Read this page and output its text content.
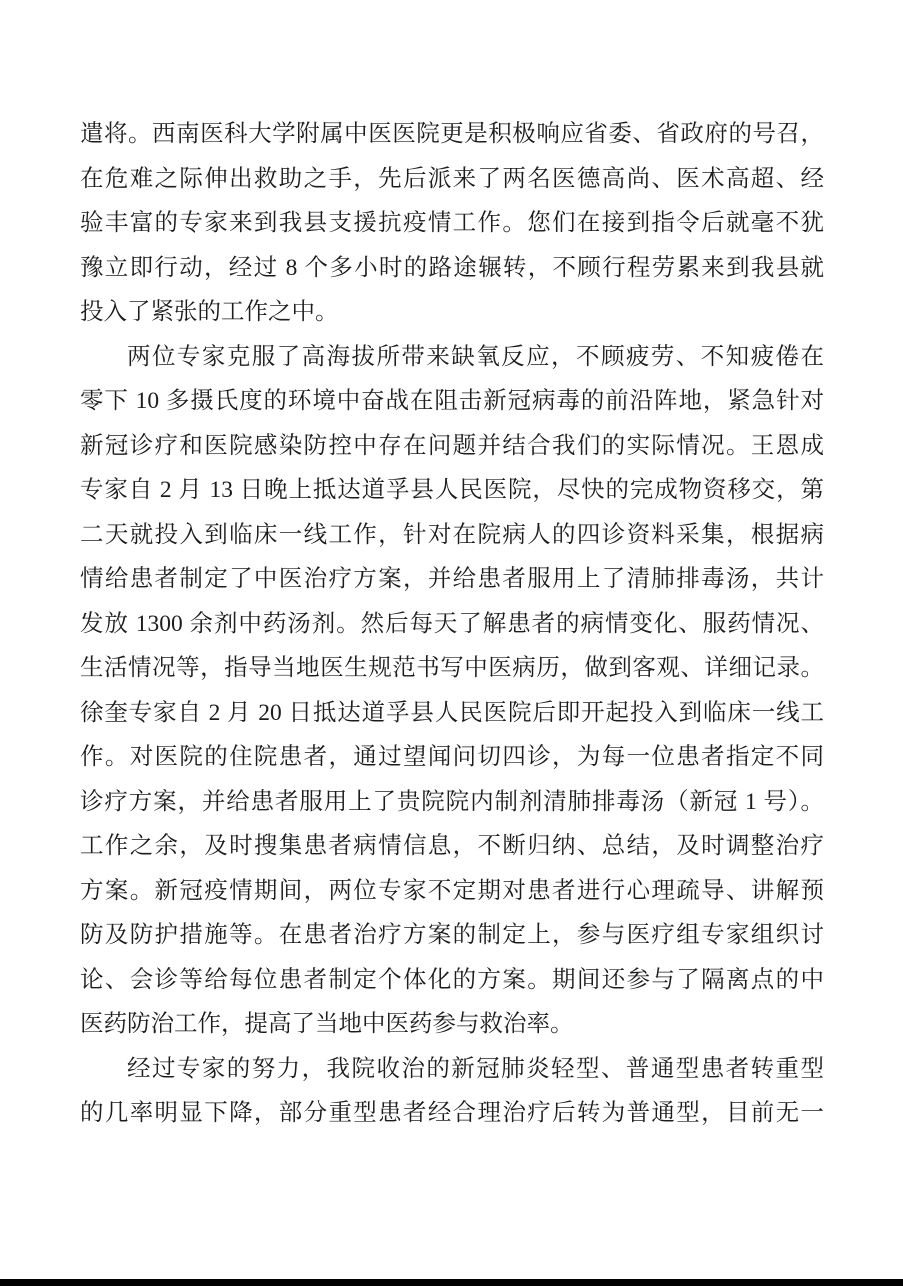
遣将。西南医科大学附属中医医院更是积极响应省委、省政府的号召，
在危难之际伸出救助之手，先后派来了两名医德高尚、医术高超、经
验丰富的专家来到我县支援抗疫情工作。您们在接到指令后就毫不犹
豫立即行动，经过 8 个多小时的路途辗转，不顾行程劳累来到我县就
投入了紧张的工作之中。
两位专家克服了高海拔所带来缺氧反应，不顾疲劳、不知疲倦在
零下 10 多摄氏度的环境中奋战在阻击新冠病毒的前沿阵地，紧急针对
新冠诊疗和医院感染防控中存在问题并结合我们的实际情况。王恩成
专家自 2 月 13 日晚上抵达道孚县人民医院，尽快的完成物资移交，第
二天就投入到临床一线工作，针对在院病人的四诊资料采集，根据病
情给患者制定了中医治疗方案，并给患者服用上了清肺排毒汤，共计
发放 1300 余剂中药汤剂。然后每天了解患者的病情变化、服药情况、
生活情况等，指导当地医生规范书写中医病历，做到客观、详细记录。
徐奎专家自 2 月 20 日抵达道孚县人民医院后即开起投入到临床一线工
作。对医院的住院患者，通过望闻问切四诊，为每一位患者指定不同
诊疗方案，并给患者服用上了贵院院内制剂清肺排毒汤（新冠 1 号）。
工作之余，及时搜集患者病情信息，不断归纳、总结，及时调整治疗
方案。新冠疫情期间，两位专家不定期对患者进行心理疏导、讲解预
防及防护措施等。在患者治疗方案的制定上，参与医疗组专家组织讨
论、会诊等给每位患者制定个体化的方案。期间还参与了隔离点的中
医药防治工作，提高了当地中医药参与救治率。
经过专家的努力，我院收治的新冠肺炎轻型、普通型患者转重型
的几率明显下降，部分重型患者经合理治疗后转为普通型，目前无一
